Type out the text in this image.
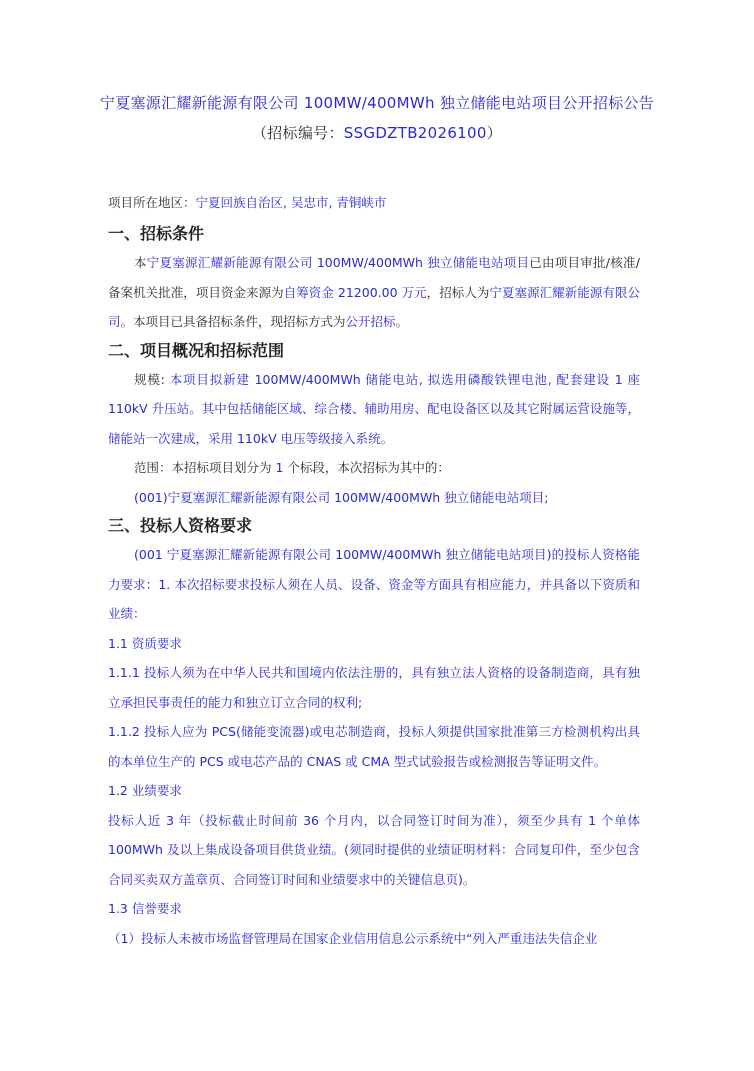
宁夏塞源汇耀新能源有限公司 100MW/400MWh 独立储能电站项目公开招标公告
（招标编号：SSGDZTB2026100）

项目所在地区：宁夏回族自治区, 吴忠市, 青铜峡市

一、招标条件

本宁夏塞源汇耀新能源有限公司 100MW/400MWh 独立储能电站项目已由项目审批/核准/备案机关批准，项目资金来源为自筹资金 21200.00 万元，招标人为宁夏塞源汇耀新能源有限公司。本项目已具备招标条件，现招标方式为公开招标。

二、项目概况和招标范围

规模: 本项目拟新建 100MW/400MWh 储能电站, 拟选用磷酸铁锂电池, 配套建设 1 座 110kV 升压站。其中包括储能区域、综合楼、辅助用房、配电设备区以及其它附属运营设施等，储能站一次建成，采用 110kV 电压等级接入系统。

范围：本招标项目划分为 1 个标段，本次招标为其中的：

(001)宁夏塞源汇耀新能源有限公司 100MW/400MWh 独立储能电站项目;

三、投标人资格要求

(001 宁夏塞源汇耀新能源有限公司 100MW/400MWh 独立储能电站项目)的投标人资格能力要求：1. 本次招标要求投标人须在人员、设备、资金等方面具有相应能力，并具备以下资质和业绩：

1.1 资质要求

1.1.1 投标人须为在中华人民共和国境内依法注册的，具有独立法人资格的设备制造商，具有独立承担民事责任的能力和独立订立合同的权利;

1.1.2 投标人应为 PCS(储能变流器)或电芯制造商，投标人须提供国家批准第三方检测机构出具的本单位生产的 PCS 或电芯产品的 CNAS 或 CMA 型式试验报告或检测报告等证明文件。

1.2 业绩要求

投标人近 3 年（投标截止时间前 36 个月内，以合同签订时间为准），须至少具有 1 个单体 100MWh 及以上集成设备项目供货业绩。(须同时提供的业绩证明材料：合同复印件，至少包含合同买卖双方盖章页、合同签订时间和业绩要求中的关键信息页)。

1.3 信誉要求

（1）投标人未被市场监督管理局在国家企业信用信息公示系统中“列入严重违法失信企业
